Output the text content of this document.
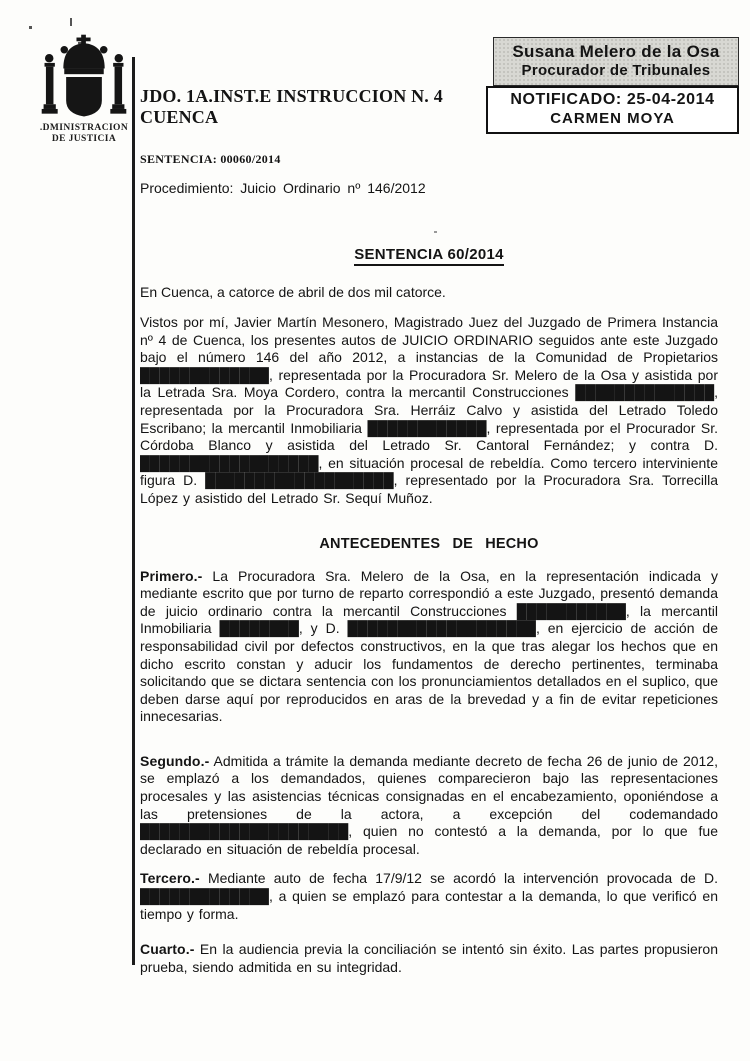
.DMINISTRACION
DE JUSTICIA
Susana Melero de la Osa
Procurador de Tribunales
NOTIFICADO: 25-04-2014
CARMEN MOYA
JDO. 1A.INST.E INSTRUCCION N. 4
CUENCA
SENTENCIA: 00060/2014
Procedimiento: Juicio Ordinario nº 146/2012
SENTENCIA 60/2014
En Cuenca, a catorce de abril de dos mil catorce.
Vistos por mí, Javier Martín Mesonero, Magistrado Juez del Juzgado de Primera Instancia nº 4 de Cuenca, los presentes autos de JUICIO ORDINARIO seguidos ante este Juzgado bajo el número 146 del año 2012, a instancias de la Comunidad de Propietarios █████████████, representada por la Procuradora Sr. Melero de la Osa y asistida por la Letrada Sra. Moya Cordero, contra la mercantil Construcciones ██████████████, representada por la Procuradora Sra. Herráiz Calvo y asistida del Letrado Toledo Escribano; la mercantil Inmobiliaria ████████████, representada por el Procurador Sr. Córdoba Blanco y asistida del Letrado Sr. Cantoral Fernández; y contra D. ██████████████████, en situación procesal de rebeldía. Como tercero interviniente figura D. ███████████████████, representado por la Procuradora Sra. Torrecilla López y asistido del Letrado Sr. Sequí Muñoz.
ANTECEDENTES DE HECHO
Primero.- La Procuradora Sra. Melero de la Osa, en la representación indicada y mediante escrito que por turno de reparto correspondió a este Juzgado, presentó demanda de juicio ordinario contra la mercantil Construcciones ███████████, la mercantil Inmobiliaria ████████, y D. ███████████████████, en ejercicio de acción de responsabilidad civil por defectos constructivos, en la que tras alegar los hechos que en dicho escrito constan y aducir los fundamentos de derecho pertinentes, terminaba solicitando que se dictara sentencia con los pronunciamientos detallados en el suplico, que deben darse aquí por reproducidos en aras de la brevedad y a fin de evitar repeticiones innecesarias.
Segundo.- Admitida a trámite la demanda mediante decreto de fecha 26 de junio de 2012, se emplazó a los demandados, quienes comparecieron bajo las representaciones procesales y las asistencias técnicas consignadas en el encabezamiento, oponiéndose a las pretensiones de la actora, a excepción del codemandado █████████████████████, quien no contestó a la demanda, por lo que fue declarado en situación de rebeldía procesal.
Tercero.- Mediante auto de fecha 17/9/12 se acordó la intervención provocada de D. █████████████, a quien se emplazó para contestar a la demanda, lo que verificó en tiempo y forma.
Cuarto.- En la audiencia previa la conciliación se intentó sin éxito. Las partes propusieron prueba, siendo admitida en su integridad.
